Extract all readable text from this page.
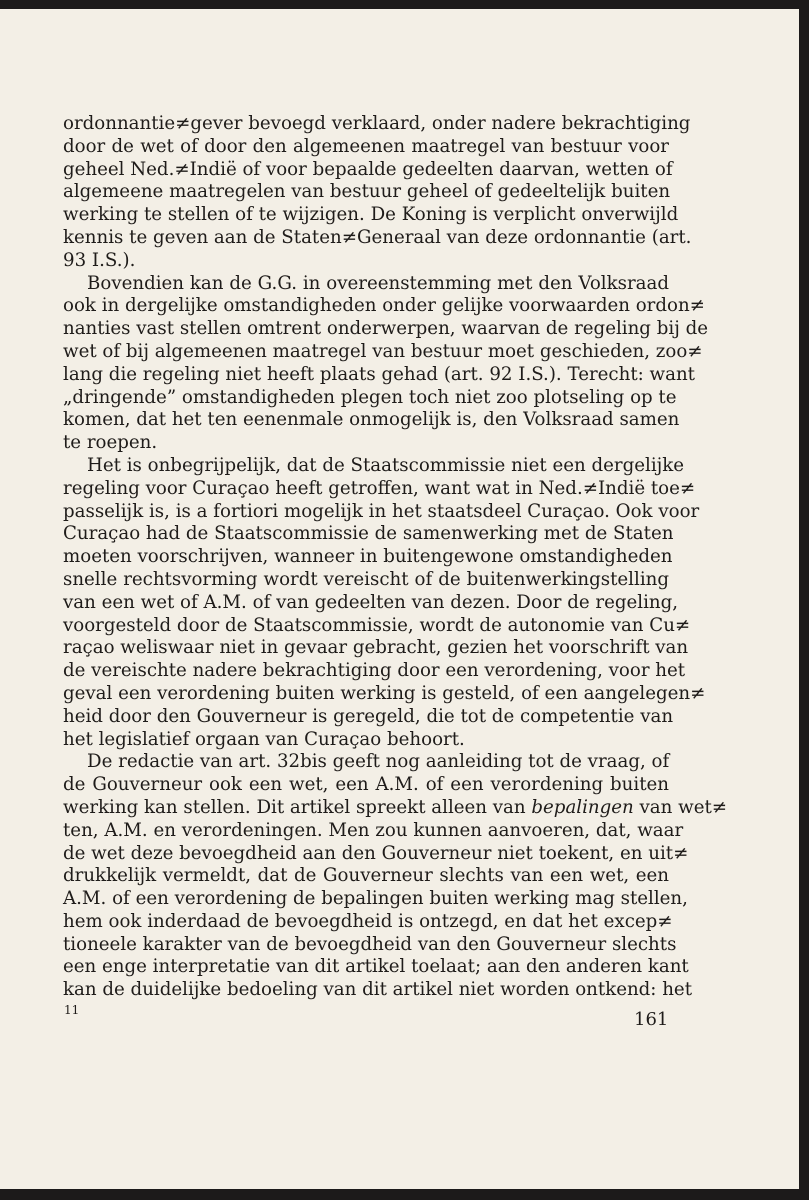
ordonnantie≠gever bevoegd verklaard, onder nadere bekrachtiging
door de wet of door den algemeenen maatregel van bestuur voor
geheel Ned.≠Indië of voor bepaalde gedeelten daarvan, wetten of
algemeene maatregelen van bestuur geheel of gedeeltelijk buiten
werking te stellen of te wijzigen. De Koning is verplicht onverwijld
kennis te geven aan de Staten≠Generaal van deze ordonnantie (art.
93 I.S.).

Bovendien kan de G.G. in overeenstemming met den Volksraad
ook in dergelijke omstandigheden onder gelijke voorwaarden ordon≠
nanties vast stellen omtrent onderwerpen, waarvan de regeling bij de
wet of bij algemeenen maatregel van bestuur moet geschieden, zoo≠
lang die regeling niet heeft plaats gehad (art. 92 I.S.). Terecht: want
„dringende” omstandigheden plegen toch niet zoo plotseling op te
komen, dat het ten eenenmale onmogelijk is, den Volksraad samen
te roepen.

Het is onbegrijpelijk, dat de Staatscommissie niet een dergelijke
regeling voor Curaçao heeft getroffen, want wat in Ned.≠Indië toe≠
passelijk is, is a fortiori mogelijk in het staatsdeel Curaçao. Ook voor
Curaçao had de Staatscommissie de samenwerking met de Staten
moeten voorschrijven, wanneer in buitengewone omstandigheden
snelle rechtsvorming wordt vereischt of de buitenwerkingstelling
van een wet of A.M. of van gedeelten van dezen. Door de regeling,
voorgesteld door de Staatscommissie, wordt de autonomie van Cu≠
raçao weliswaar niet in gevaar gebracht, gezien het voorschrift van
de vereischte nadere bekrachtiging door een verordening, voor het
geval een verordening buiten werking is gesteld, of een aangelegen≠
heid door den Gouverneur is geregeld, die tot de competentie van
het legislatief orgaan van Curaçao behoort.

De redactie van art. 32bis geeft nog aanleiding tot de vraag, of
de Gouverneur ook een wet, een A.M. of een verordening buiten
werking kan stellen. Dit artikel spreekt alleen van bepalingen van wet≠
ten, A.M. en verordeningen. Men zou kunnen aanvoeren, dat, waar
de wet deze bevoegdheid aan den Gouverneur niet toekent, en uit≠
drukkelijk vermeldt, dat de Gouverneur slechts van een wet, een
A.M. of een verordening de bepalingen buiten werking mag stellen,
hem ook inderdaad de bevoegdheid is ontzegd, en dat het excep≠
tioneele karakter van de bevoegdheid van den Gouverneur slechts
een enge interpretatie van dit artikel toelaat; aan den anderen kant
kan de duidelijke bedoeling van dit artikel niet worden ontkend: het

11	161
